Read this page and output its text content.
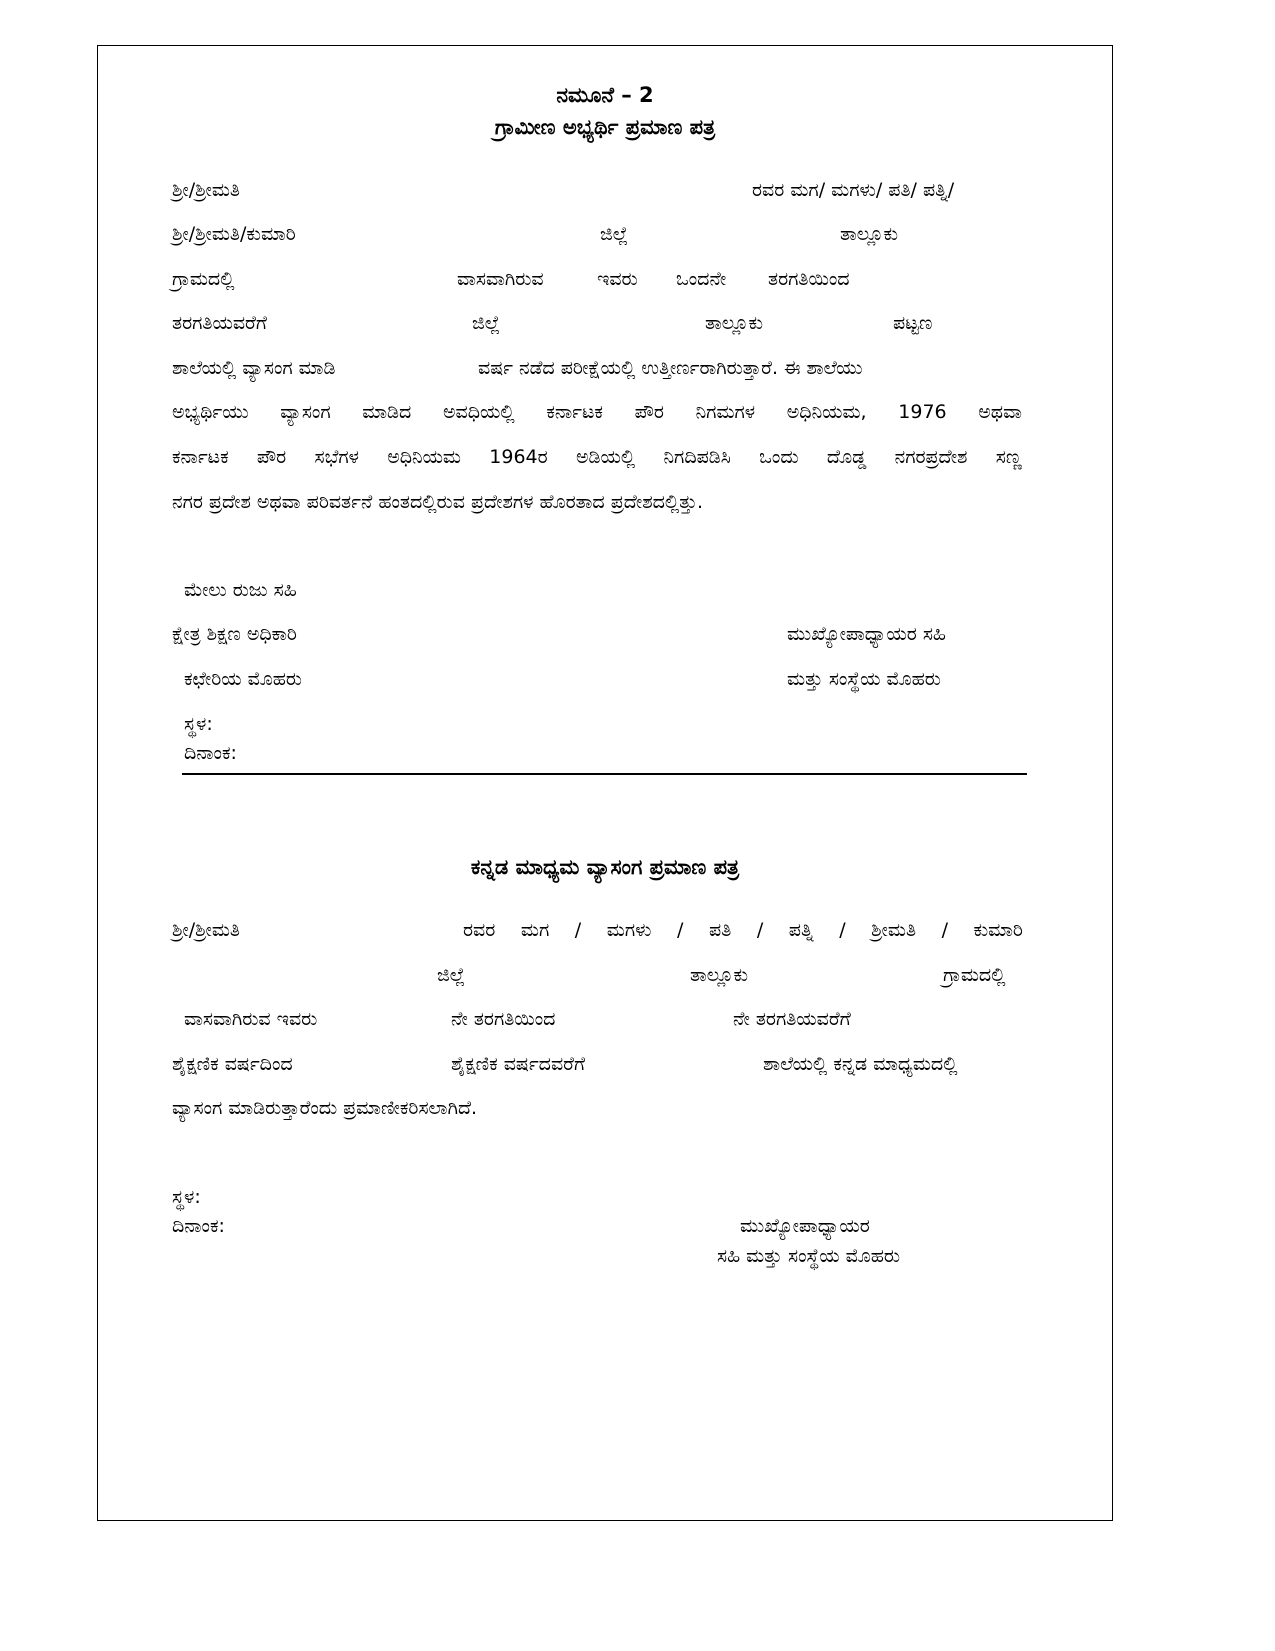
ನಮೂನೆ – 2
ಗ್ರಾಮೀಣ ಅಭ್ಯರ್ಥಿ ಪ್ರಮಾಣ ಪತ್ರ
ಶ್ರೀ/ಶ್ರೀಮತಿ	ರವರ ಮಗ/ ಮಗಳು/ ಪತಿ/ ಪತ್ನಿ/
ಶ್ರೀ/ಶ್ರೀಮತಿ/ಕುಮಾರಿ	ಜಿಲ್ಲೆ	ತಾಲ್ಲೂಕು
ಗ್ರಾಮದಲ್ಲಿ	ವಾಸವಾಗಿರುವ	ಇವರು ಒಂದನೇ ತರಗತಿಯಿಂದ
ತರಗತಿಯವರೆಗೆ	ಜಿಲ್ಲೆ	ತಾಲ್ಲೂಕು	ಪಟ್ಟಣ
ಶಾಲೆಯಲ್ಲಿ ವ್ಯಾಸಂಗ ಮಾಡಿ	ವರ್ಷ ನಡೆದ ಪರೀಕ್ಷೆಯಲ್ಲಿ ಉತ್ತೀರ್ಣರಾಗಿರುತ್ತಾರೆ. ಈ ಶಾಲೆಯು
ಅಭ್ಯರ್ಥಿಯು ವ್ಯಾಸಂಗ ಮಾಡಿದ ಅವಧಿಯಲ್ಲಿ ಕರ್ನಾಟಕ ಪೌರ ನಿಗಮಗಳ ಅಧಿನಿಯಮ, 1976 ಅಥವಾ
ಕರ್ನಾಟಕ ಪೌರ ಸಭೆಗಳ ಅಧಿನಿಯಮ 1964ರ ಅಡಿಯಲ್ಲಿ ನಿಗದಿಪಡಿಸಿ ಒಂದು ದೊಡ್ಡ ನಗರಪ್ರದೇಶ ಸಣ್ಣ
ನಗರ ಪ್ರದೇಶ ಅಥವಾ ಪರಿವರ್ತನೆ ಹಂತದಲ್ಲಿರುವ ಪ್ರದೇಶಗಳ ಹೊರತಾದ ಪ್ರದೇಶದಲ್ಲಿತ್ತು.
ಮೇಲು ರುಜು ಸಹಿ
ಕ್ಷೇತ್ರ ಶಿಕ್ಷಣ ಅಧಿಕಾರಿ	ಮುಖ್ಯೋಪಾಧ್ಯಾಯರ ಸಹಿ
ಕಛೇರಿಯ ಮೊಹರು	ಮತ್ತು ಸಂಸ್ಥೆಯ ಮೊಹರು
ಸ್ಥಳ:
ದಿನಾಂಕ:
ಕನ್ನಡ ಮಾಧ್ಯಮ ವ್ಯಾಸಂಗ ಪ್ರಮಾಣ ಪತ್ರ
ಶ್ರೀ/ಶ್ರೀಮತಿ	ರವರ ಮಗ / ಮಗಳು / ಪತಿ / ಪತ್ನಿ / ಶ್ರೀಮತಿ / ಕುಮಾರಿ
ಜಿಲ್ಲೆ	ತಾಲ್ಲೂಕು	ಗ್ರಾಮದಲ್ಲಿ
ವಾಸವಾಗಿರುವ ಇವರು	ನೇ ತರಗತಿಯಿಂದ	ನೇ ತರಗತಿಯವರೆಗೆ
ಶೈಕ್ಷಣಿಕ ವರ್ಷದಿಂದ	ಶೈಕ್ಷಣಿಕ ವರ್ಷದವರೆಗೆ	ಶಾಲೆಯಲ್ಲಿ ಕನ್ನಡ ಮಾಧ್ಯಮದಲ್ಲಿ
ವ್ಯಾಸಂಗ ಮಾಡಿರುತ್ತಾರೆಂದು ಪ್ರಮಾಣೀಕರಿಸಲಾಗಿದೆ.
ಸ್ಥಳ:
ದಿನಾಂಕ:	ಮುಖ್ಯೋಪಾಧ್ಯಾಯರ
ಸಹಿ ಮತ್ತು ಸಂಸ್ಥೆಯ ಮೊಹರು
